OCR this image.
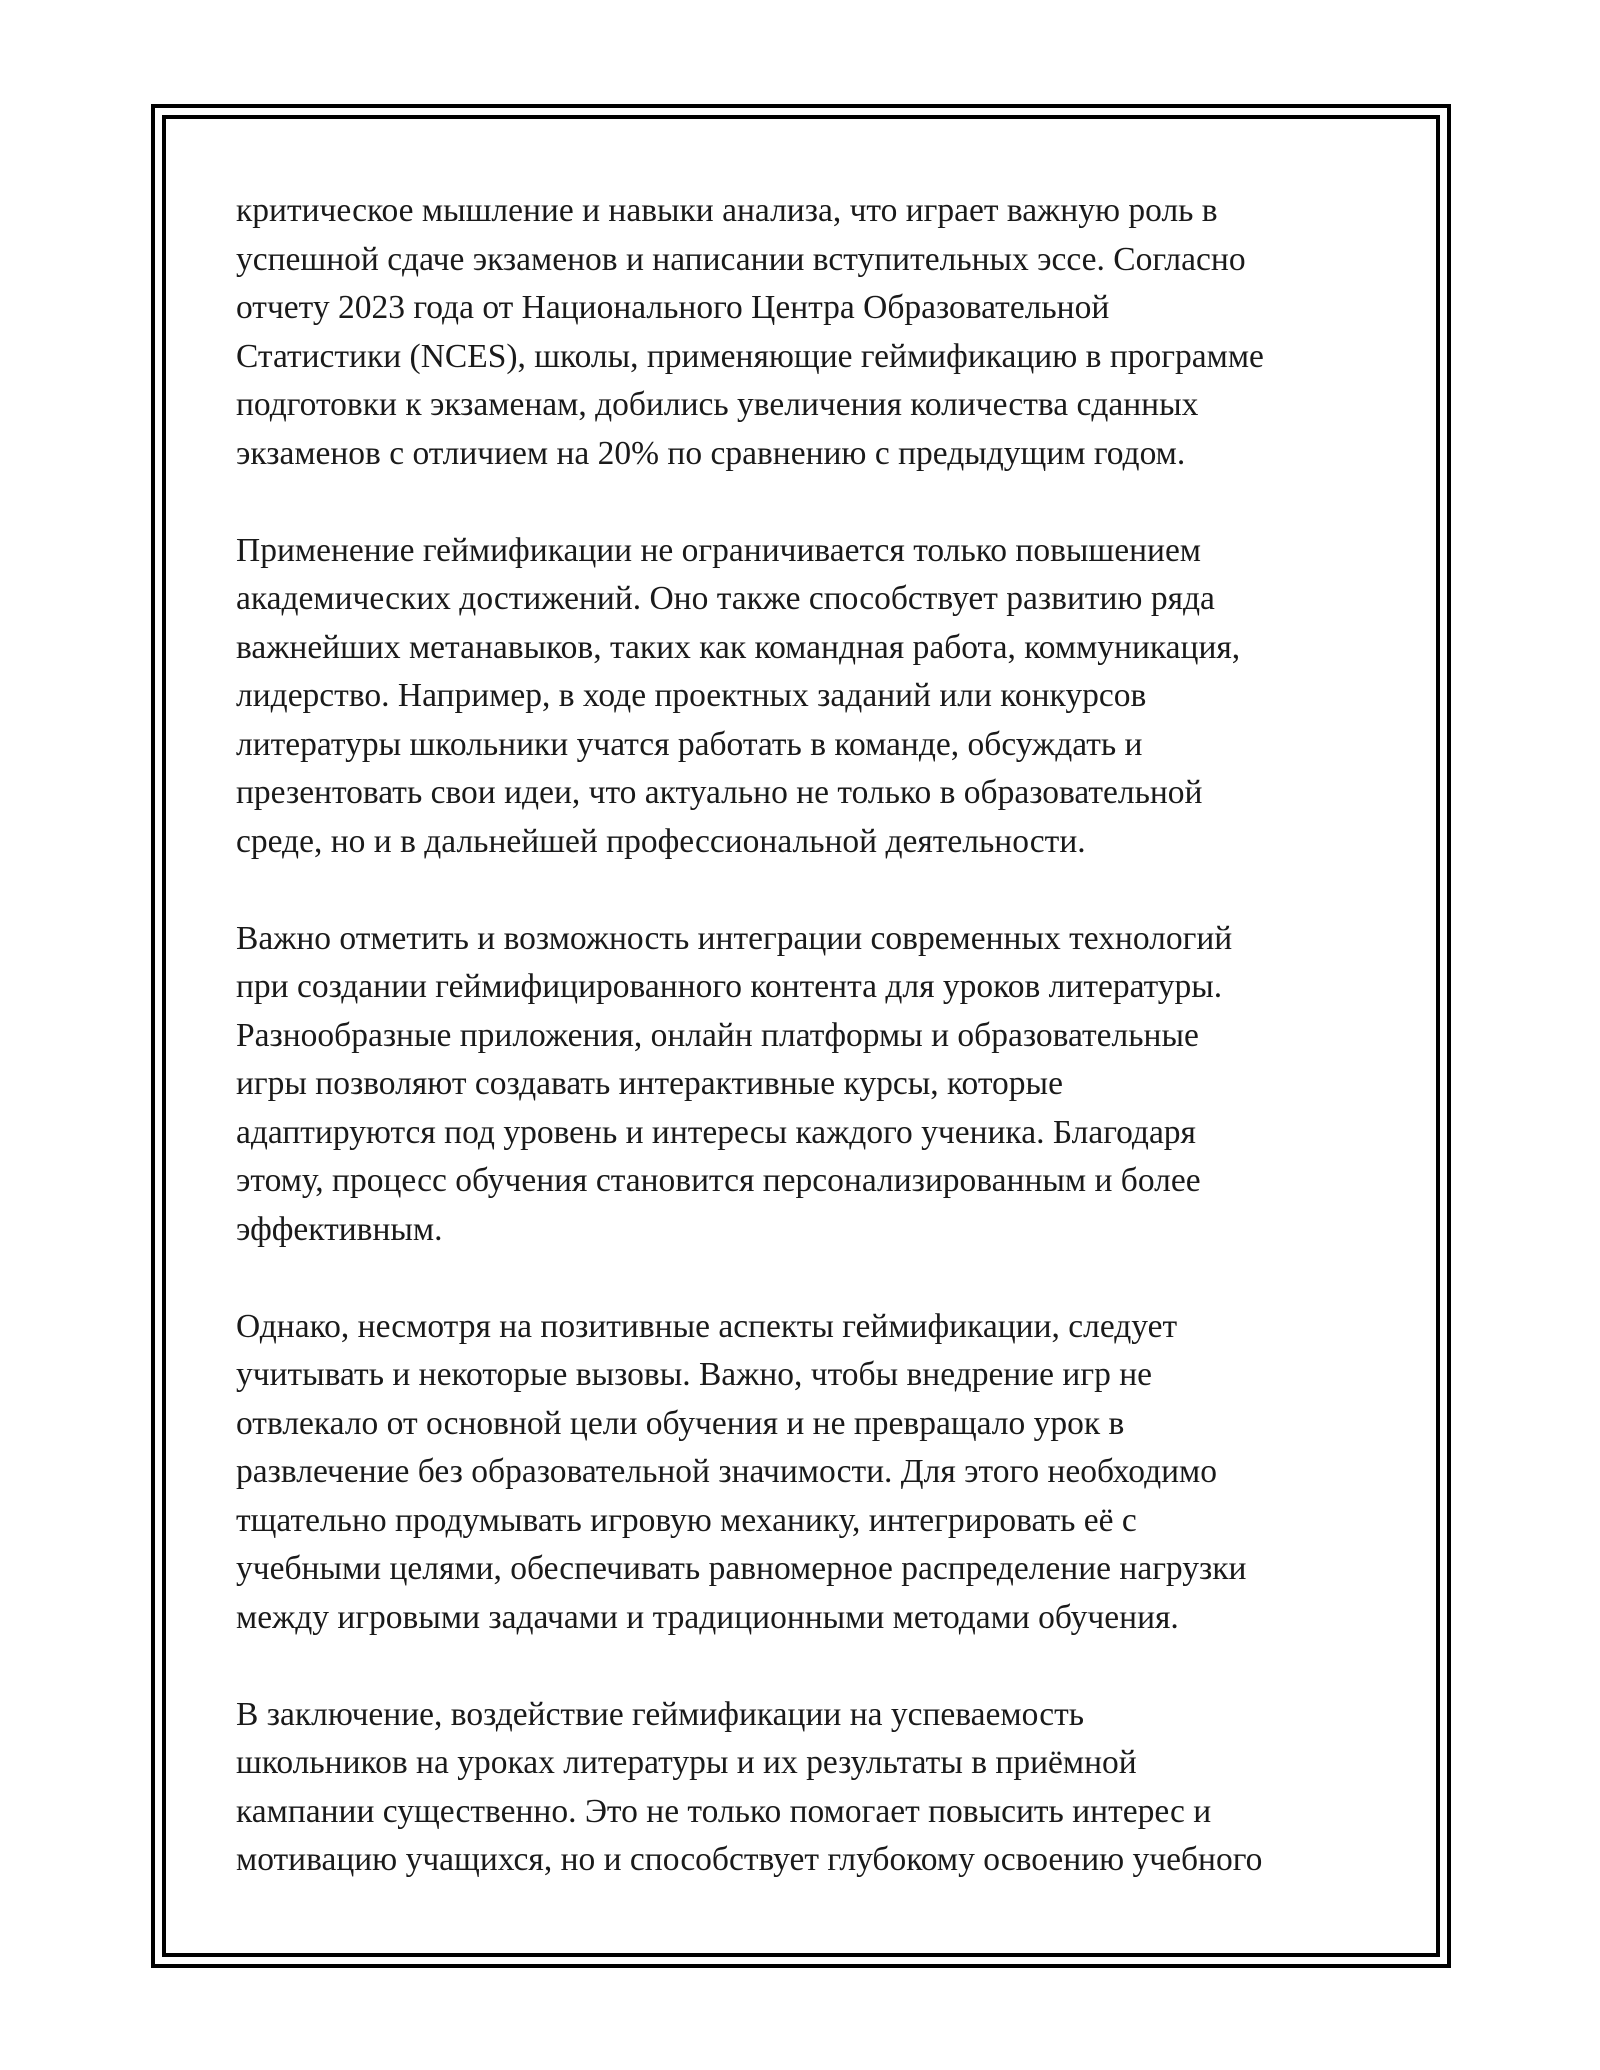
критическое мышление и навыки анализа, что играет важную роль в
успешной сдаче экзаменов и написании вступительных эссе. Согласно
отчету 2023 года от Национального Центра Образовательной
Статистики (NCES), школы, применяющие геймификацию в программе
подготовки к экзаменам, добились увеличения количества сданных
экзаменов с отличием на 20% по сравнению с предыдущим годом.

Применение геймификации не ограничивается только повышением
академических достижений. Оно также способствует развитию ряда
важнейших метанавыков, таких как командная работа, коммуникация,
лидерство. Например, в ходе проектных заданий или конкурсов
литературы школьники учатся работать в команде, обсуждать и
презентовать свои идеи, что актуально не только в образовательной
среде, но и в дальнейшей профессиональной деятельности.

Важно отметить и возможность интеграции современных технологий
при создании геймифицированного контента для уроков литературы.
Разнообразные приложения, онлайн платформы и образовательные
игры позволяют создавать интерактивные курсы, которые
адаптируются под уровень и интересы каждого ученика. Благодаря
этому, процесс обучения становится персонализированным и более
эффективным.

Однако, несмотря на позитивные аспекты геймификации, следует
учитывать и некоторые вызовы. Важно, чтобы внедрение игр не
отвлекало от основной цели обучения и не превращало урок в
развлечение без образовательной значимости. Для этого необходимо
тщательно продумывать игровую механику, интегрировать её с
учебными целями, обеспечивать равномерное распределение нагрузки
между игровыми задачами и традиционными методами обучения.

В заключение, воздействие геймификации на успеваемость
школьников на уроках литературы и их результаты в приёмной
кампании существенно. Это не только помогает повысить интерес и
мотивацию учащихся, но и способствует глубокому освоению учебного
